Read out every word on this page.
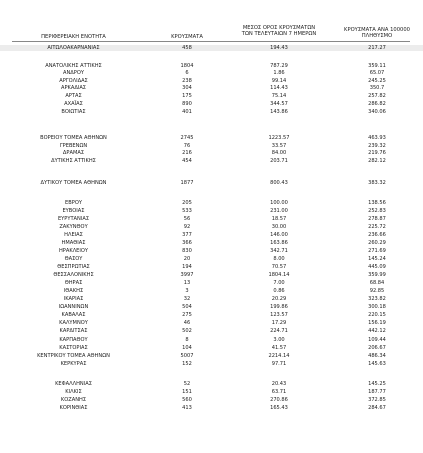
ΠΕΡΙΦΕΡΕΙΑΚΗ ΕΝΟΤΗΤΑ	ΚΡΟΥΣΜΑΤΑ
ΜΕΣΟΣ ΟΡΟΣ ΚΡΟΥΣΜΑΤΩΝ
ΤΩΝ ΤΕΛΕΥΤΑΙΩΝ 7 ΗΜΕΡΩΝ
ΚΡΟΥΣΜΑΤΑ ΑΝΑ 100000
ΠΛΗΘΥΣΜΟ
ΑΙΤΩΛΟΑΚΑΡΝΑΝΙΑΣ	458	194.43	217.27
ΑΝΑΤΟΛΙΚΗΣ ΑΤΤΙΚΗΣ	1804	787.29	359.11
ΑΝΔΡΟΥ	6	1.86	65.07
ΑΡΓΟΛΙΔΑΣ	238	99.14	245.25
ΑΡΚΑΔΙΑΣ	304	114.43	350.7
ΑΡΤΑΣ	175	75.14	257.82
ΑΧΑΪΑΣ	890	344.57	286.82
ΒΟΙΩΤΙΑΣ	401	143.86	340.06
ΒΟΡΕΙΟΥ ΤΟΜΕΑ ΑΘΗΝΩΝ	2745	1223.57	463.93
ΓΡΕΒΕΝΩΝ	76	33.57	239.32
ΔΡΑΜΑΣ	216	84.00	219.76
ΔΥΤΙΚΗΣ ΑΤΤΙΚΗΣ	454	203.71	282.12
ΔΥΤΙΚΟΥ ΤΟΜΕΑ ΑΘΗΝΩΝ	1877	800.43	383.32
ΕΒΡΟΥ	205	100.00	138.56
ΕΥΒΟΙΑΣ	533	231.00	252.83
ΕΥΡΥΤΑΝΙΑΣ	56	18.57	278.87
ΖΑΚΥΝΘΟΥ	92	30.00	225.72
ΗΛΕΙΑΣ	377	146.00	236.66
ΗΜΑΘΙΑΣ	366	163.86	260.29
ΗΡΑΚΛΕΙΟΥ	830	342.71	271.69
ΘΑΣΟΥ	20	8.00	145.24
ΘΕΣΠΡΩΤΙΑΣ	194	70.57	445.09
ΘΕΣΣΑΛΟΝΙΚΗΣ	3997	1804.14	359.99
ΘΗΡΑΣ	13	7.00	68.84
ΙΘΑΚΗΣ	3	0.86	92.85
ΙΚΑΡΙΑΣ	32	20.29	323.82
ΙΩΑΝΝΙΝΩΝ	504	199.86	300.18
ΚΑΒΑΛΑΣ	275	123.57	220.15
ΚΑΛΥΜΝΟΥ	46	17.29	156.19
ΚΑΡΔΙΤΣΑΣ	502	224.71	442.12
ΚΑΡΠΑΘΟΥ	8	3.00	109.44
ΚΑΣΤΟΡΙΑΣ	104	41.57	206.67
ΚΕΝΤΡΙΚΟΥ ΤΟΜΕΑ ΑΘΗΝΩΝ	5007	2214.14	486.34
ΚΕΡΚΥΡΑΣ	152	97.71	145.63
ΚΕΦΑΛΛΗΝΙΑΣ	52	20.43	145.25
ΚΙΛΚΙΣ	151	63.71	187.77
ΚΟΖΑΝΗΣ	560	270.86	372.85
ΚΟΡΙΝΘΙΑΣ	413	165.43	284.67
